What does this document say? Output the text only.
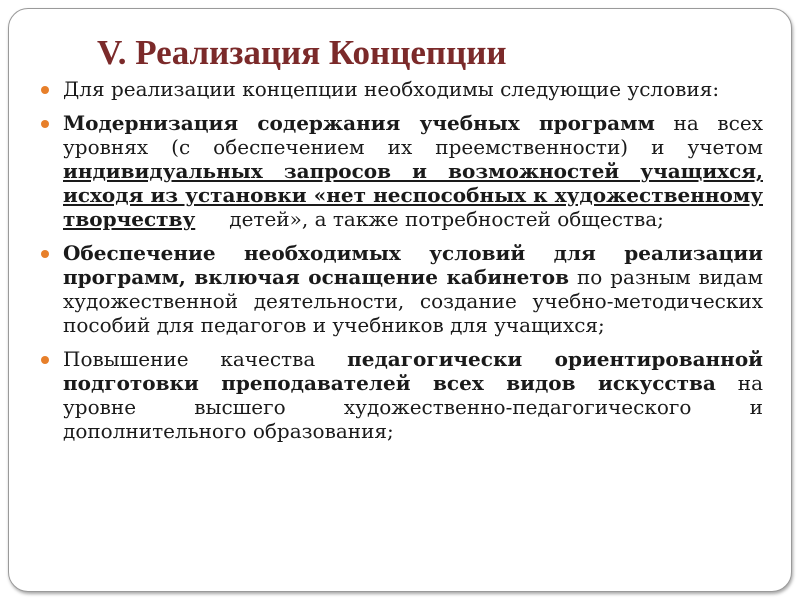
V. Реализация Концепции
Для реализации концепции необходимы следующие условия:
Модернизация содержания учебных программ на всех уровнях (с обеспечением их преемственности) и учетом индивидуальных запросов и возможностей учащихся, исходя из установки «нет неспособных к художественному творчеству детей», а также потребностей общества;
Обеспечение необходимых условий для реализации программ, включая оснащение кабинетов по разным видам художественной деятельности, создание учебно-методических пособий для педагогов и учебников для учащихся;
Повышение качества педагогически ориентированной подготовки преподавателей всех видов искусства на уровне высшего художественно-педагогического и дополнительного образования;
